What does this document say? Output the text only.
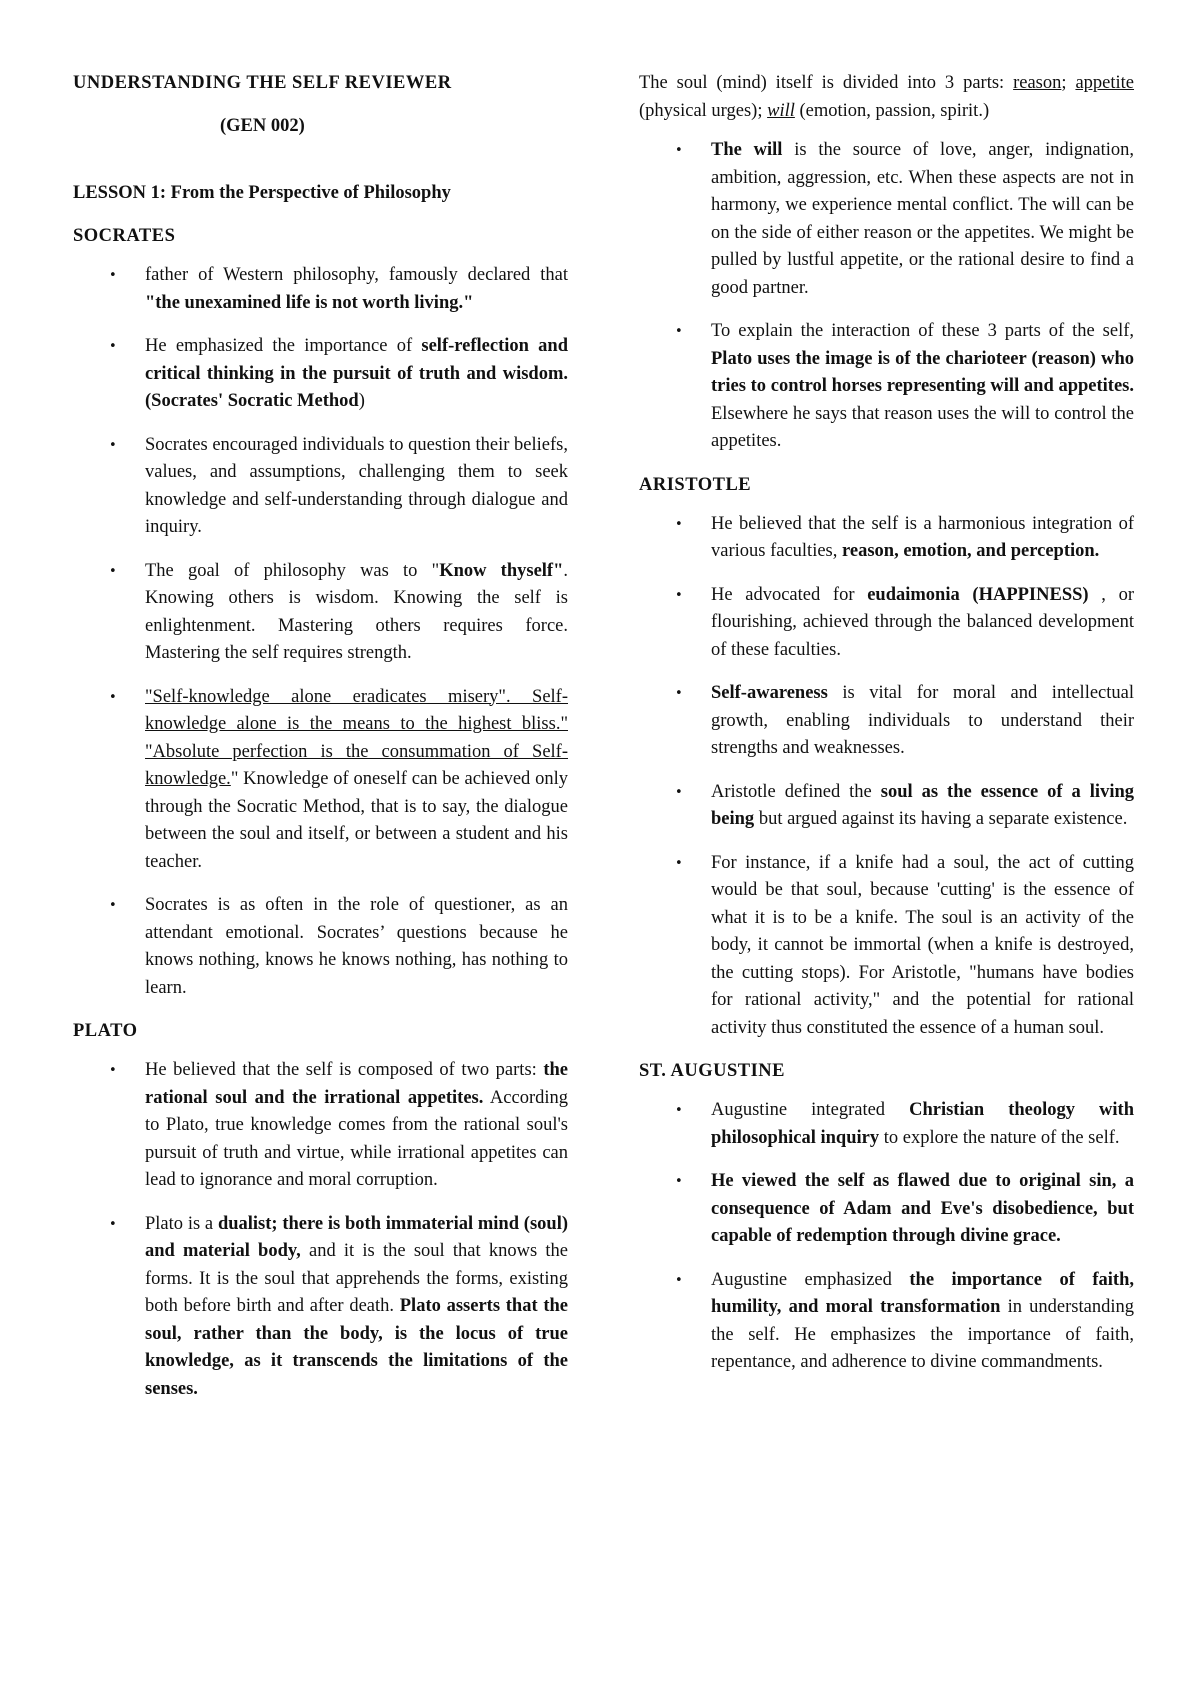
UNDERSTANDING THE SELF REVIEWER

(GEN 002)

LESSON 1: From the Perspective of Philosophy

SOCRATES

• father of Western philosophy, famously declared that "the unexamined life is not worth living."
• He emphasized the importance of self-reflection and critical thinking in the pursuit of truth and wisdom. (Socrates' Socratic Method)
• Socrates encouraged individuals to question their beliefs, values, and assumptions, challenging them to seek knowledge and self-understanding through dialogue and inquiry.
• The goal of philosophy was to "Know thyself". Knowing others is wisdom. Knowing the self is enlightenment. Mastering others requires force. Mastering the self requires strength.
• "Self-knowledge alone eradicates misery". Self-knowledge alone is the means to the highest bliss." "Absolute perfection is the consummation of Self-knowledge." Knowledge of oneself can be achieved only through the Socratic Method, that is to say, the dialogue between the soul and itself, or between a student and his teacher.
• Socrates is as often in the role of questioner, as an attendant emotional. Socrates’ questions because he knows nothing, knows he knows nothing, has nothing to learn.

PLATO

• He believed that the self is composed of two parts: the rational soul and the irrational appetites. According to Plato, true knowledge comes from the rational soul's pursuit of truth and virtue, while irrational appetites can lead to ignorance and moral corruption.
• Plato is a dualist; there is both immaterial mind (soul) and material body, and it is the soul that knows the forms. It is the soul that apprehends the forms, existing both before birth and after death. Plato asserts that the soul, rather than the body, is the locus of true knowledge, as it transcends the limitations of the senses.

The soul (mind) itself is divided into 3 parts: reason; appetite (physical urges); will (emotion, passion, spirit.)

• The will is the source of love, anger, indignation, ambition, aggression, etc. When these aspects are not in harmony, we experience mental conflict. The will can be on the side of either reason or the appetites. We might be pulled by lustful appetite, or the rational desire to find a good partner.
• To explain the interaction of these 3 parts of the self, Plato uses the image is of the charioteer (reason) who tries to control horses representing will and appetites. Elsewhere he says that reason uses the will to control the appetites.

ARISTOTLE

• He believed that the self is a harmonious integration of various faculties, reason, emotion, and perception.
• He advocated for eudaimonia (HAPPINESS) , or flourishing, achieved through the balanced development of these faculties.
• Self-awareness is vital for moral and intellectual growth, enabling individuals to understand their strengths and weaknesses.
• Aristotle defined the soul as the essence of a living being but argued against its having a separate existence.
• For instance, if a knife had a soul, the act of cutting would be that soul, because 'cutting' is the essence of what it is to be a knife. The soul is an activity of the body, it cannot be immortal (when a knife is destroyed, the cutting stops). For Aristotle, "humans have bodies for rational activity," and the potential for rational activity thus constituted the essence of a human soul.

ST. AUGUSTINE

• Augustine integrated Christian theology with philosophical inquiry to explore the nature of the self.
• He viewed the self as flawed due to original sin, a consequence of Adam and Eve's disobedience, but capable of redemption through divine grace.
• Augustine emphasized the importance of faith, humility, and moral transformation in understanding the self. He emphasizes the importance of faith, repentance, and adherence to divine commandments.
